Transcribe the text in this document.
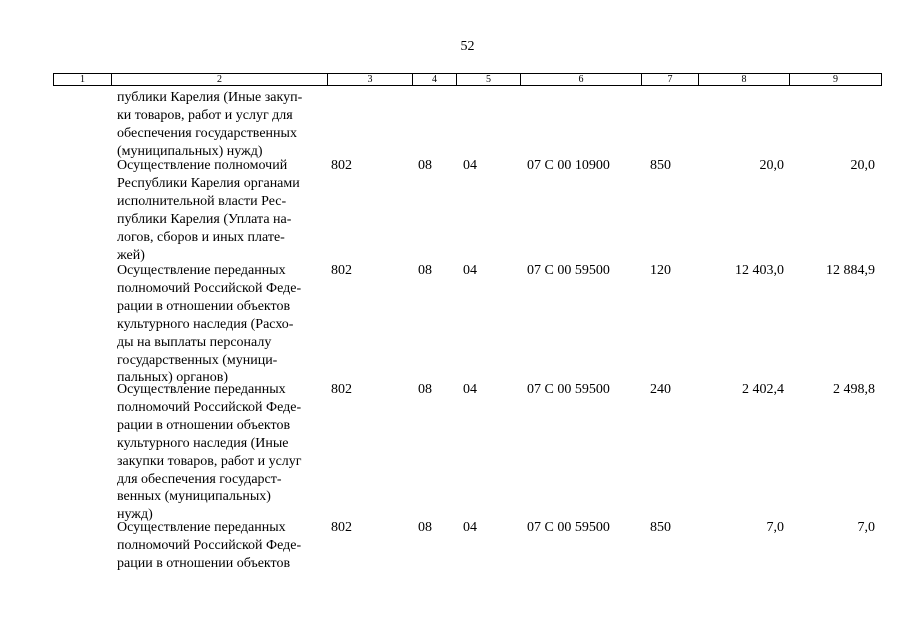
52
1	2	3	4	5	6	7	8	9
публики Карелия (Иные закуп-
ки товаров, работ и услуг для
обеспечения государственных
(муниципальных) нужд)
Осуществление полномочий
Республики Карелия органами
исполнительной власти Рес-
публики Карелия (Уплата на-
логов, сборов и иных плате-
жей)
802	08 04	07 С 00 10900	850	20,0	20,0
Осуществление переданных
полномочий Российской Феде-
рации в отношении объектов
культурного наследия (Расхо-
ды на выплаты персоналу
государственных (муници-
пальных) органов)
802	08 04	07 С 00 59500	120	12 403,0	12 884,9
Осуществление переданных
полномочий Российской Феде-
рации в отношении объектов
культурного наследия (Иные
закупки товаров, работ и услуг
для обеспечения государст-
венных (муниципальных)
нужд)
802	08 04	07 С 00 59500	240	2 402,4	2 498,8
Осуществление переданных
полномочий Российской Феде-
рации в отношении объектов
802	08 04	07 С 00 59500	850	7,0	7,0
